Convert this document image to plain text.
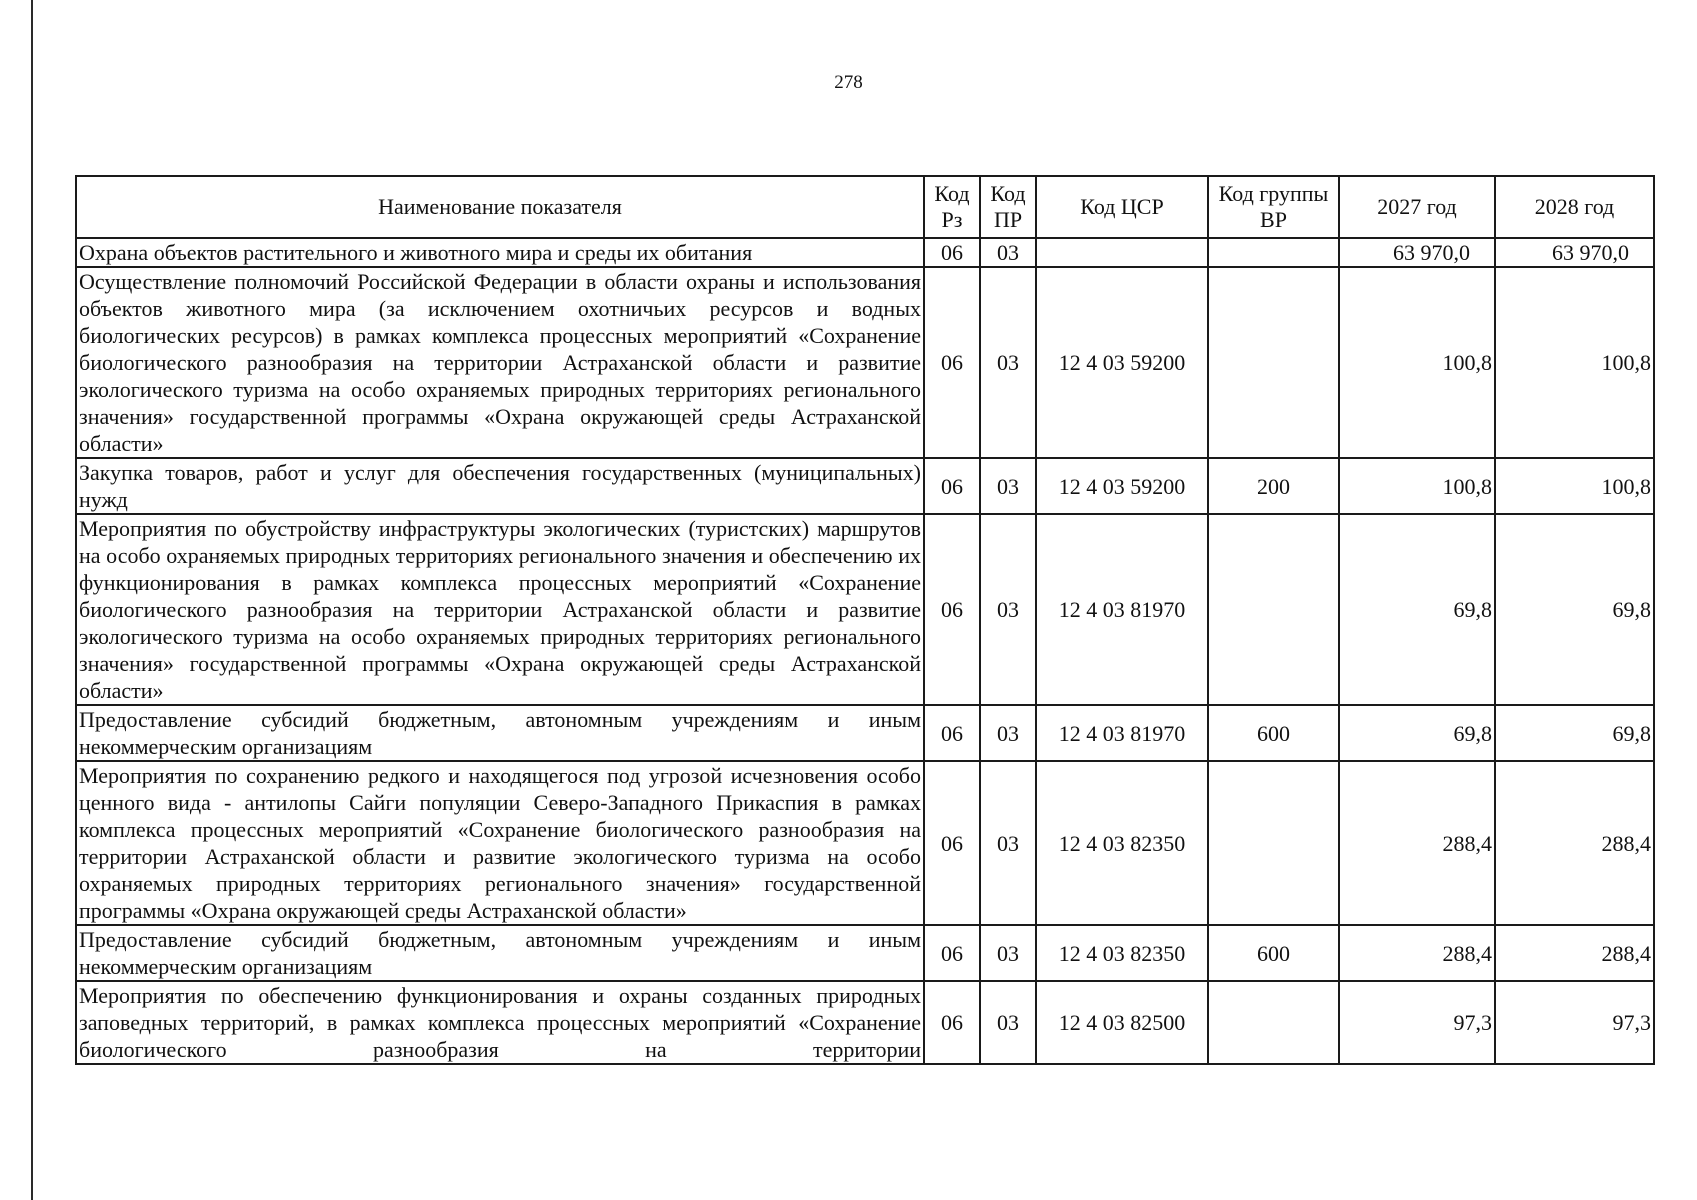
278
Наименование показателя	Код Рз	Код ПР	Код ЦСР	Код группы ВР	2027 год	2028 год
Охрана объектов растительного и животного мира и среды их обитания	06	03			63 970,0	63 970,0
Осуществление полномочий Российской Федерации в области охраны и использования объектов животного мира (за исключением охотничьих ресурсов и водных биологических ресурсов) в рамках комплекса процессных мероприятий «Сохранение биологического разнообразия на территории Астраханской области и развитие экологического туризма на особо охраняемых природных территориях регионального значения» государственной программы «Охрана окружающей среды Астраханской области»	06	03	12 4 03 59200		100,8	100,8
Закупка товаров, работ и услуг для обеспечения государственных (муниципальных) нужд	06	03	12 4 03 59200	200	100,8	100,8
Мероприятия по обустройству инфраструктуры экологических (туристских) маршрутов на особо охраняемых природных территориях регионального значения и обеспечению их функционирования в рамках комплекса процессных мероприятий «Сохранение биологического разнообразия на территории Астраханской области и развитие экологического туризма на особо охраняемых природных территориях регионального значения» государственной программы «Охрана окружающей среды Астраханской области»	06	03	12 4 03 81970		69,8	69,8
Предоставление субсидий бюджетным, автономным учреждениям и иным некоммерческим организациям	06	03	12 4 03 81970	600	69,8	69,8
Мероприятия по сохранению редкого и находящегося под угрозой исчезновения особо ценного вида - антилопы Сайги популяции Северо-Западного Прикаспия в рамках комплекса процессных мероприятий «Сохранение биологического разнообразия на территории Астраханской области и развитие экологического туризма на особо охраняемых природных территориях регионального значения» государственной программы «Охрана окружающей среды Астраханской области»	06	03	12 4 03 82350		288,4	288,4
Предоставление субсидий бюджетным, автономным учреждениям и иным некоммерческим организациям	06	03	12 4 03 82350	600	288,4	288,4
Мероприятия по обеспечению функционирования и охраны созданных природных заповедных территорий, в рамках комплекса процессных мероприятий «Сохранение биологического разнообразия на территории	06	03	12 4 03 82500		97,3	97,3
